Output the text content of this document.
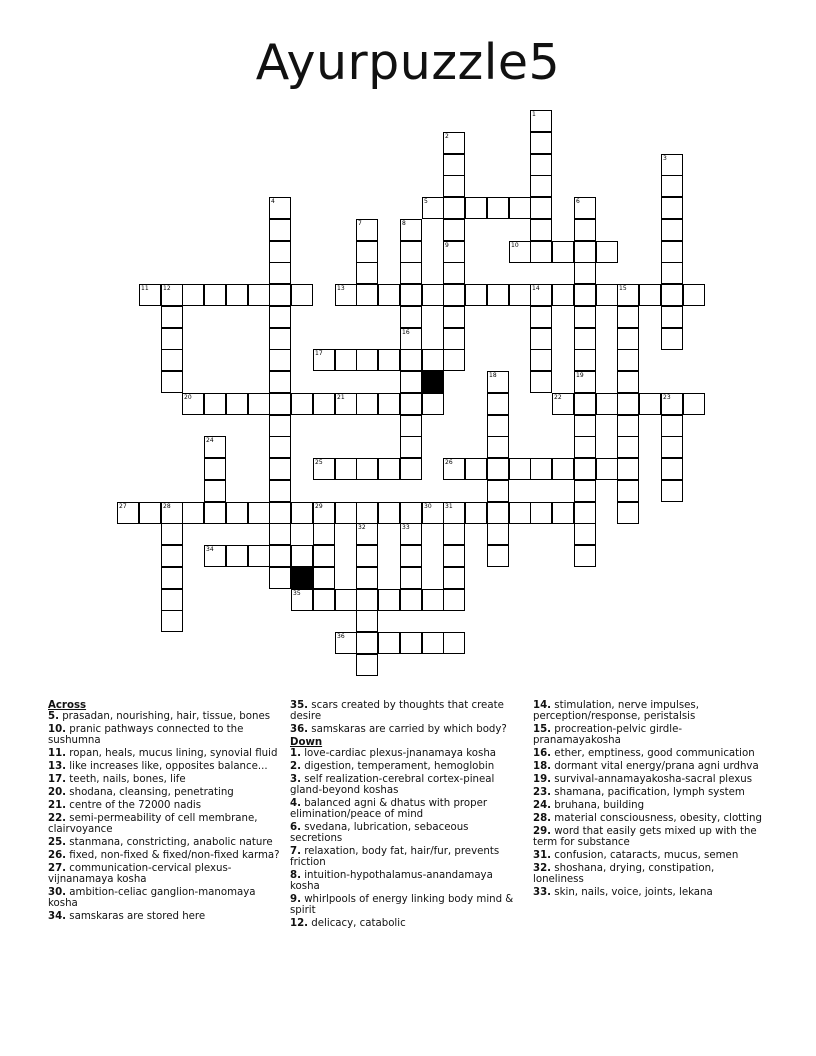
Ayurpuzzle5
1
2
3
4	5	6
7	8
9	10
11 12	13	14	15
16
17
18	19
20	21	22	23
24
25	26
27	28	29	30 31
32	33
34
35
36
Across
5. prasadan, nourishing, hair, tissue, bones
10. pranic pathways connected to the sushumna
11. ropan, heals, mucus lining, synovial fluid
13. like increases like, opposites balance...
17. teeth, nails, bones, life
20. shodana, cleansing, penetrating
21. centre of the 72000 nadis
22. semi-permeability of cell membrane, clairvoyance
25. stanmana, constricting, anabolic nature
26. fixed, non-fixed & fixed/non-fixed karma?
27. communication-cervical plexus-vijnanamaya kosha
30. ambition-celiac ganglion-manomaya kosha
34. samskaras are stored here
35. scars created by thoughts that create desire
36. samskaras are carried by which body?
Down
1. love-cardiac plexus-jnanamaya kosha
2. digestion, temperament, hemoglobin
3. self realization-cerebral cortex-pineal gland-beyond koshas
4. balanced agni & dhatus with proper elimination/peace of mind
6. svedana, lubrication, sebaceous secretions
7. relaxation, body fat, hair/fur, prevents friction
8. intuition-hypothalamus-anandamaya kosha
9. whirlpools of energy linking body mind & spirit
12. delicacy, catabolic
14. stimulation, nerve impulses, perception/response, peristalsis
15. procreation-pelvic girdle-pranamayakosha
16. ether, emptiness, good communication
18. dormant vital energy/prana agni urdhva
19. survival-annamayakosha-sacral plexus
23. shamana, pacification, lymph system
24. bruhana, building
28. material consciousness, obesity, clotting
29. word that easily gets mixed up with the term for substance
31. confusion, cataracts, mucus, semen
32. shoshana, drying, constipation, loneliness
33. skin, nails, voice, joints, lekana
